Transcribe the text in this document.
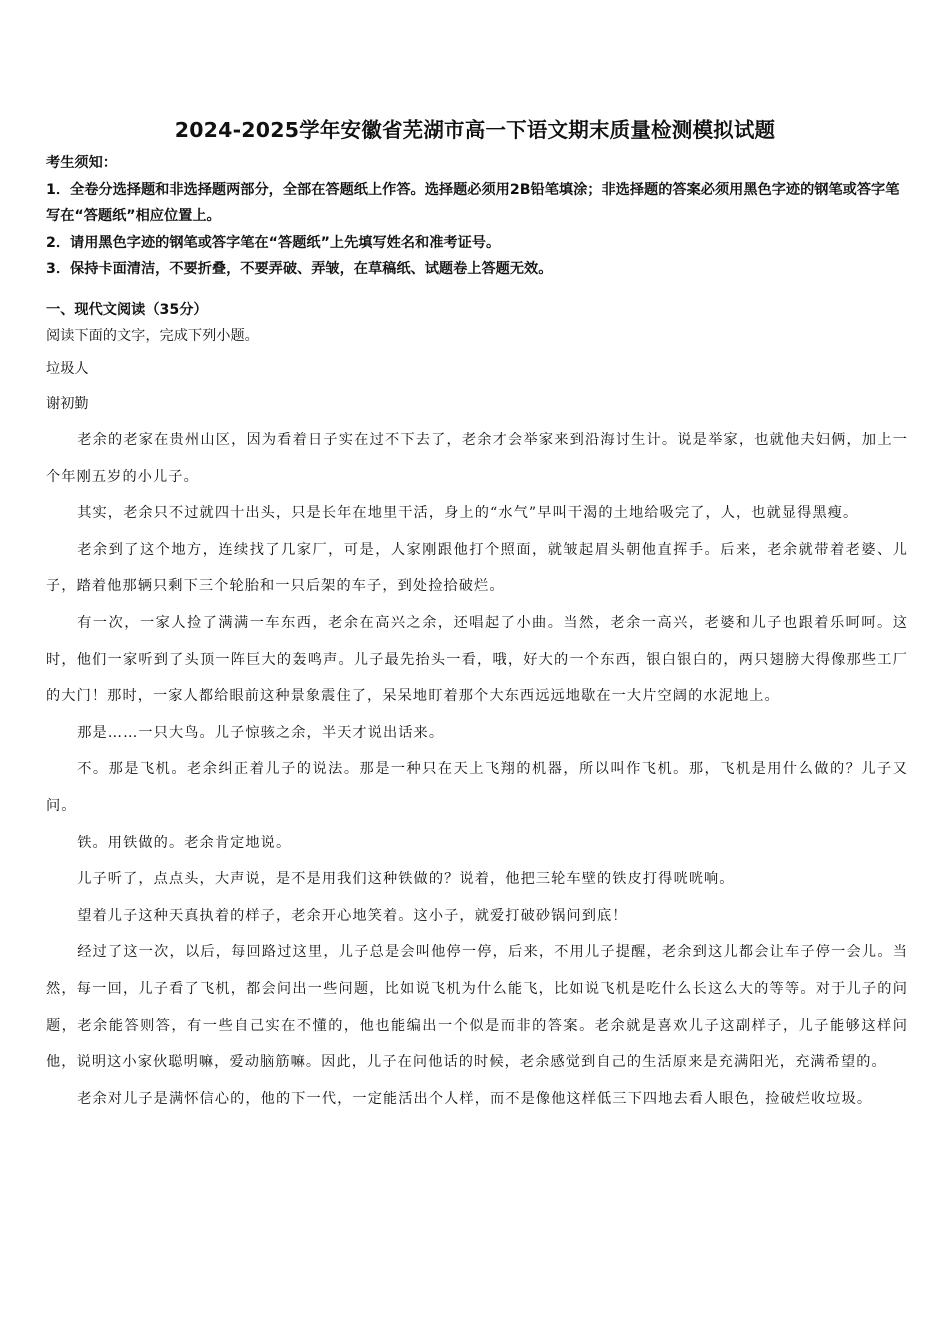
2024-2025学年安徽省芜湖市高一下语文期末质量检测模拟试题

考生须知：

1．全卷分选择题和非选择题两部分，全部在答题纸上作答。选择题必须用2B铅笔填涂；非选择题的答案必须用黑色字迹的钢笔或答字笔写在“答题纸”相应位置上。

2．请用黑色字迹的钢笔或答字笔在“答题纸”上先填写姓名和准考证号。

3．保持卡面清洁，不要折叠，不要弄破、弄皱，在草稿纸、试题卷上答题无效。

一、现代文阅读（35分）

阅读下面的文字，完成下列小题。

垃圾人

谢初勤

老余的老家在贵州山区，因为看着日子实在过不下去了，老余才会举家来到沿海讨生计。说是举家，也就他夫妇俩，加上一个年刚五岁的小儿子。

其实，老余只不过就四十出头，只是长年在地里干活，身上的“水气”早叫干渴的土地给吸完了，人，也就显得黑瘦。

老余到了这个地方，连续找了几家厂，可是，人家刚跟他打个照面，就皱起眉头朝他直挥手。后来，老余就带着老婆、儿子，踏着他那辆只剩下三个轮胎和一只后架的车子，到处捡拾破烂。

有一次，一家人捡了满满一车东西，老余在高兴之余，还唱起了小曲。当然，老余一高兴，老婆和儿子也跟着乐呵呵。这时，他们一家听到了头顶一阵巨大的轰鸣声。儿子最先抬头一看，哦，好大的一个东西，银白银白的，两只翅膀大得像那些工厂的大门！那时，一家人都给眼前这种景象震住了，呆呆地盯着那个大东西远远地歇在一大片空阔的水泥地上。

那是……一只大鸟。儿子惊骇之余，半天才说出话来。

不。那是飞机。老余纠正着儿子的说法。那是一种只在天上飞翔的机器，所以叫作飞机。那，飞机是用什么做的？儿子又问。

铁。用铁做的。老余肯定地说。

儿子听了，点点头，大声说，是不是用我们这种铁做的？说着，他把三轮车壁的铁皮打得咣咣响。

望着儿子这种天真执着的样子，老余开心地笑着。这小子，就爱打破砂锅问到底！

经过了这一次，以后，每回路过这里，儿子总是会叫他停一停，后来，不用儿子提醒，老余到这儿都会让车子停一会儿。当然，每一回，儿子看了飞机，都会问出一些问题，比如说飞机为什么能飞，比如说飞机是吃什么长这么大的等等。对于儿子的问题，老余能答则答，有一些自己实在不懂的，他也能编出一个似是而非的答案。老余就是喜欢儿子这副样子，儿子能够这样问他，说明这小家伙聪明嘛，爱动脑筋嘛。因此，儿子在问他话的时候，老余感觉到自己的生活原来是充满阳光，充满希望的。

老余对儿子是满怀信心的，他的下一代，一定能活出个人样，而不是像他这样低三下四地去看人眼色，捡破烂收垃圾。
